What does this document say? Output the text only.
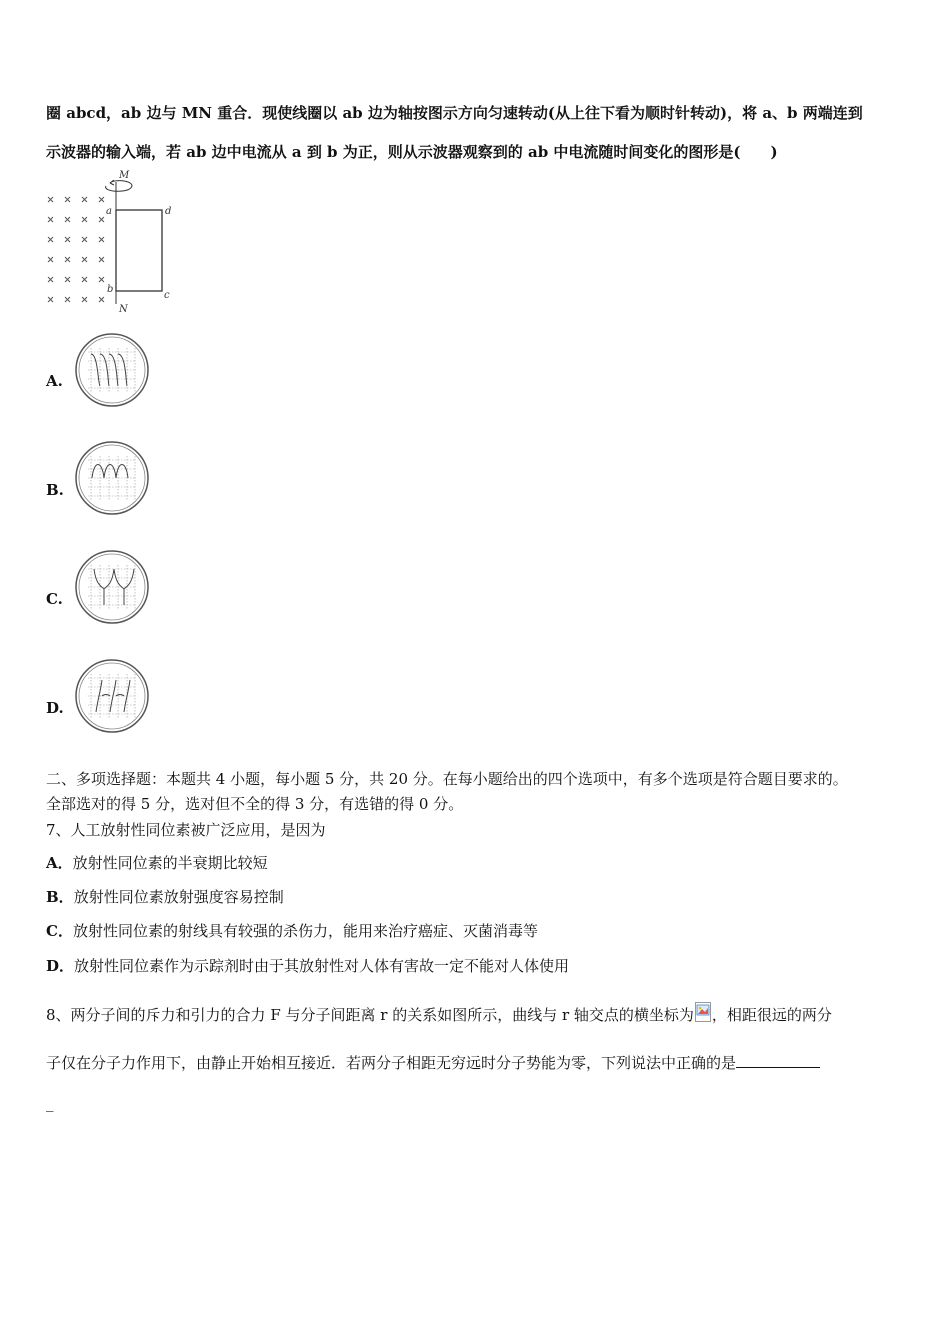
圈 abcd，ab 边与 MN 重合．现使线圈以 ab 边为轴按图示方向匀速转动(从上往下看为顺时针转动)，将 a、b 两端连到
示波器的输入端，若 ab 边中电流从 a 到 b 为正，则从示波器观察到的 ab 中电流随时间变化的图形是(　　)
M
N
a
b
c
d
A.
B.
C.
D.
二、多项选择题：本题共 4 小题，每小题 5 分，共 20 分。在每小题给出的四个选项中，有多个选项是符合题目要求的。
全部选对的得 5 分，选对但不全的得 3 分，有选错的得 0 分。
7、人工放射性同位素被广泛应用，是因为
A．放射性同位素的半衰期比较短
B．放射性同位素放射强度容易控制
C．放射性同位素的射线具有较强的杀伤力，能用来治疗癌症、灭菌消毒等
D．放射性同位素作为示踪剂时由于其放射性对人体有害故一定不能对人体使用
8、两分子间的斥力和引力的合力 F 与分子间距离 r 的关系如图所示，曲线与 r 轴交点的横坐标为 ，相距很远的两分
子仅在分子力作用下，由静止开始相互接近．若两分子相距无穷远时分子势能为零，下列说法中正确的是
_
